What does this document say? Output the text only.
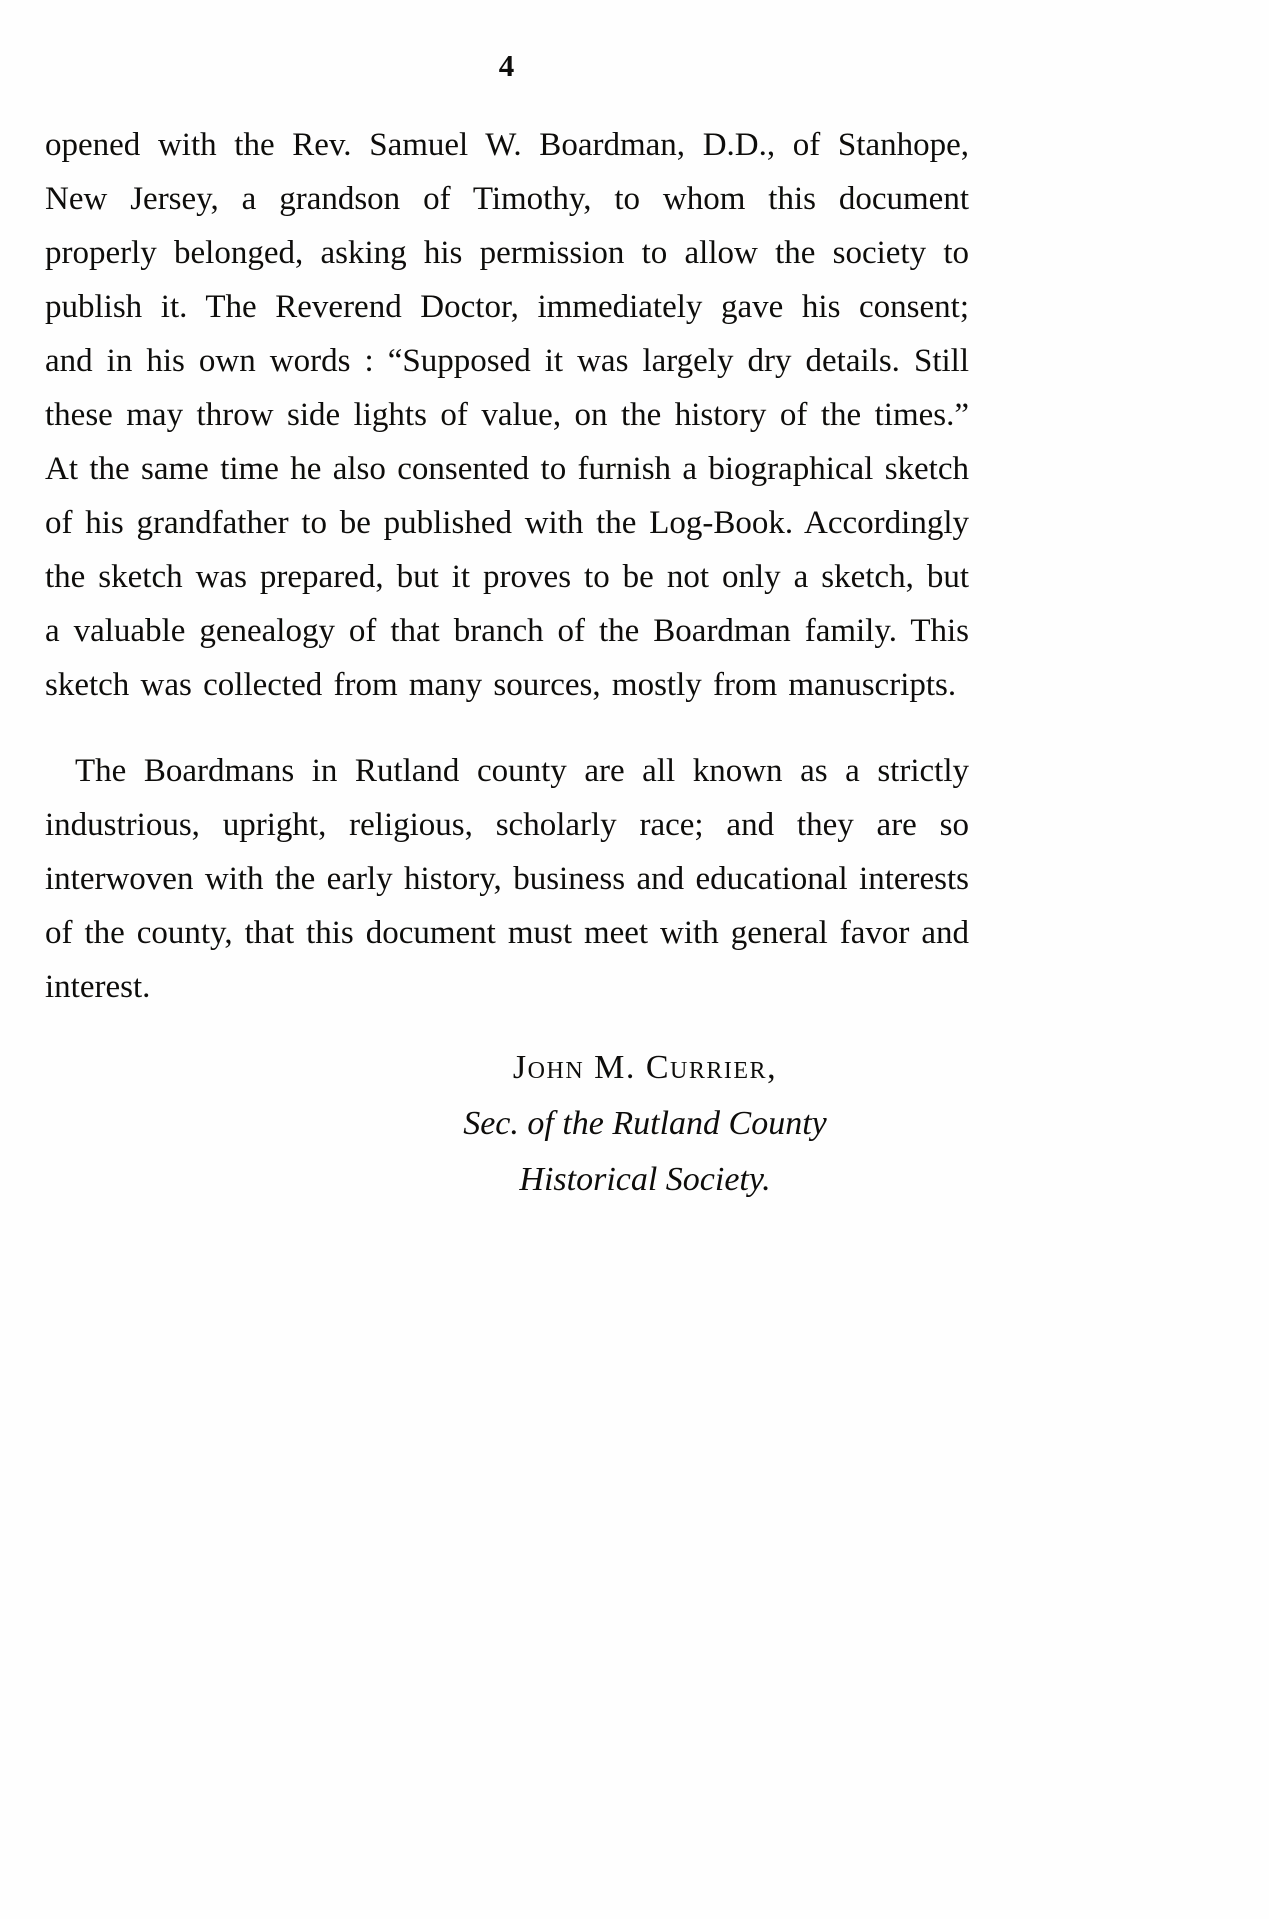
4

opened with the Rev. Samuel W. Boardman, D.D., of Stanhope, New Jersey, a grandson of Timothy, to whom this document properly belonged, asking his permission to allow the society to publish it. The Reverend Doctor, immediately gave his consent; and in his own words : “Supposed it was largely dry details. Still these may throw side lights of value, on the history of the times.” At the same time he also consented to furnish a biographical sketch of his grandfather to be published with the Log-Book. Accordingly the sketch was prepared, but it proves to be not only a sketch, but a valuable genealogy of that branch of the Boardman family. This sketch was collected from many sources, mostly from manuscripts.

The Boardmans in Rutland county are all known as a strictly industrious, upright, religious, scholarly race; and they are so interwoven with the early history, business and educational interests of the county, that this document must meet with general favor and interest.

John M. Currier,
Sec. of the Rutland County
Historical Society.
